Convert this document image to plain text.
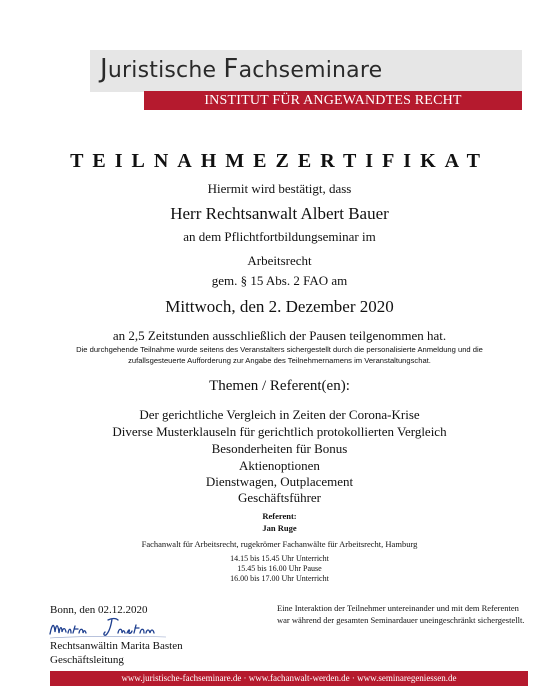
Juristische Fachseminare
INSTITUT FÜR ANGEWANDTES RECHT
TEILNAHMEZERTIFIKAT
Hiermit wird bestätigt, dass
Herr Rechtsanwalt Albert Bauer
an dem Pflichtfortbildungseminar im
Arbeitsrecht
gem. § 15 Abs. 2 FAO am
Mittwoch, den 2. Dezember 2020
an 2,5 Zeitstunden ausschließlich der Pausen teilgenommen hat.
Die durchgehende Teilnahme wurde seitens des Veranstalters sichergestellt durch die personalisierte Anmeldung und die
zufallsgesteuerte Aufforderung zur Angabe des Teilnehmernamens im Veranstaltungschat.
Themen / Referent(en):
Der gerichtliche Vergleich in Zeiten der Corona-Krise
Diverse Musterklauseln für gerichtlich protokollierten Vergleich
Besonderheiten für Bonus
Aktienoptionen
Dienstwagen, Outplacement
Geschäftsführer
Referent:
Jan Ruge
Fachanwalt für Arbeitsrecht, rugekrömer Fachanwälte für Arbeitsrecht, Hamburg
14.15 bis 15.45 Uhr Unterricht
15.45 bis 16.00 Uhr Pause
16.00 bis 17.00 Uhr Unterricht
Bonn, den 02.12.2020
Rechtsanwältin Marita Basten
Geschäftsleitung
Eine Interaktion der Teilnehmer untereinander und mit dem Referenten war während der gesamten Seminardauer uneingeschränkt sichergestellt.
www.juristische-fachseminare.de · www.fachanwalt-werden.de · www.seminaregeniessen.de
